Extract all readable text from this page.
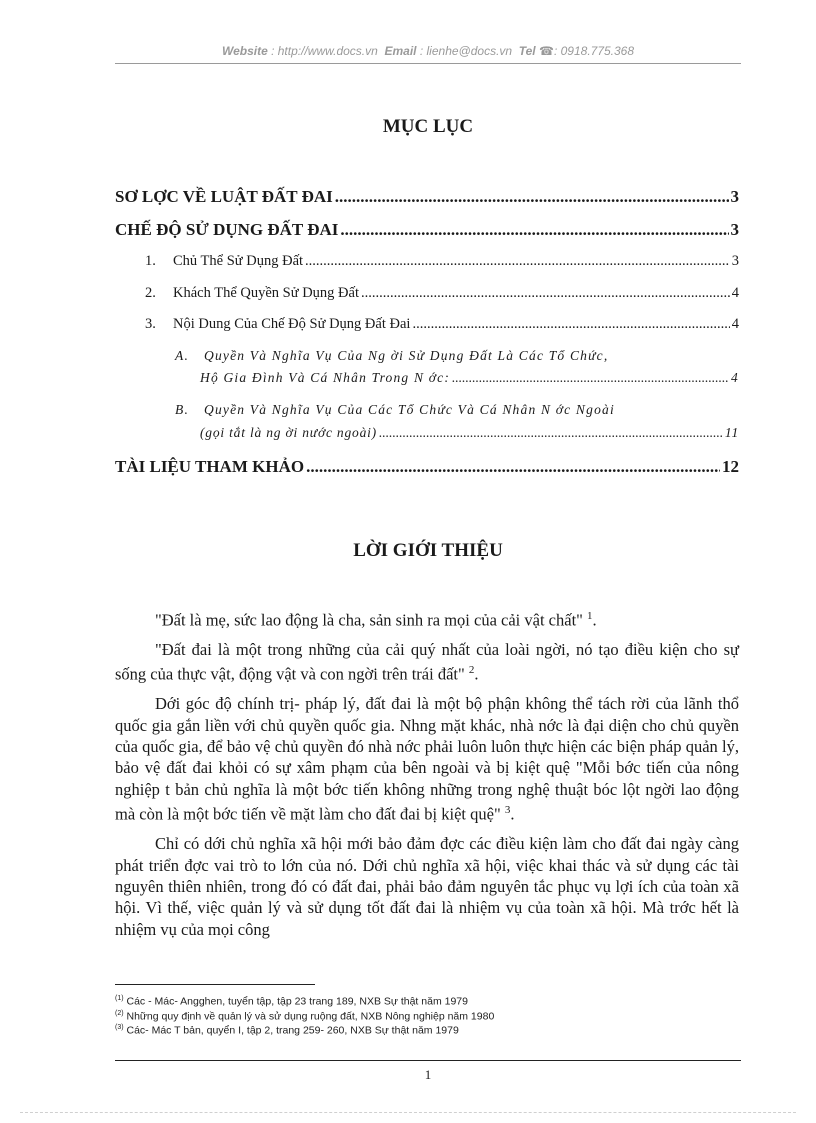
Website : http://www.docs.vn Email : lienhe@docs.vn Tel ☎: 0918.775.368
MỤC LỤC
SƠ LỢC VỀ LUẬT ĐẤT ĐAI .....	3
CHẾ ĐỘ SỬ DỤNG ĐẤT ĐAI .....	3
1. Chủ Thể Sử Dụng Đất .....	3
2. Khách Thể Quyền Sử Dụng Đất .....	4
3. Nội Dung Của Chế Độ Sử Dụng Đất Đai .....	4
A. Quyền Và Nghĩa Vụ Của Ng ời Sử Dụng Đất Là Các Tổ Chức,
Hộ Gia Đình Và Cá Nhân Trong N ớc: .....	4
B. Quyền Và Nghĩa Vụ Của Các Tổ Chức Và Cá Nhân N ớc Ngoài
(gọi tắt là ng ời nước ngoài) .....	11
TÀI LIỆU THAM KHẢO .....	12
LỜI GIỚI THIỆU

"Đất là mẹ, sức lao động là cha, sản sinh ra mọi của cải vật chất" $^1$.

"Đất đai là một trong những của cải quý nhất của loài ngời, nó tạo điều kiện cho sự sống của thực vật, động vật và con ngời trên trái đất" $^2$.

Dới góc độ chính trị- pháp lý, đất đai là một bộ phận không thể tách rời của lãnh thổ quốc gia gắn liền với chủ quyền quốc gia. Nhng mặt khác, nhà nớc là đại diện cho chủ quyền của quốc gia, để bảo vệ chủ quyền đó nhà nớc phải luôn luôn thực hiện các biện pháp quản lý, bảo vệ đất đai khỏi có sự xâm phạm của bên ngoài và bị kiệt quệ "Mỗi bớc tiến của nông nghiệp t bản chủ nghĩa là một bớc tiến không những trong nghệ thuật bóc lột ngời lao động mà còn là một bớc tiến về mặt làm cho đất đai bị kiệt quệ" $^3$.

Chỉ có dới chủ nghĩa xã hội mới bảo đảm đợc các điều kiện làm cho đất đai ngày càng phát triển đợc vai trò to lớn của nó. Dới chủ nghĩa xã hội, việc khai thác và sử dụng các tài nguyên thiên nhiên, trong đó có đất đai, phải bảo đảm nguyên tắc phục vụ lợi ích của toàn xã hội. Vì thế, việc quản lý và sử dụng tốt đất đai là nhiệm vụ của toàn xã hội. Mà trớc hết là nhiệm vụ của mọi công

$^{(1)}$ Các - Mác- Angghen, tuyển tập, tập 23 trang 189, NXB Sự thật năm 1979
$^{(2)}$ Những quy định về quản lý và sử dụng ruộng đất, NXB Nông nghiệp năm 1980
$^{(3)}$ Các- Mác T bản, quyển I, tập 2, trang 259- 260, NXB Sự thật năm 1979
1
